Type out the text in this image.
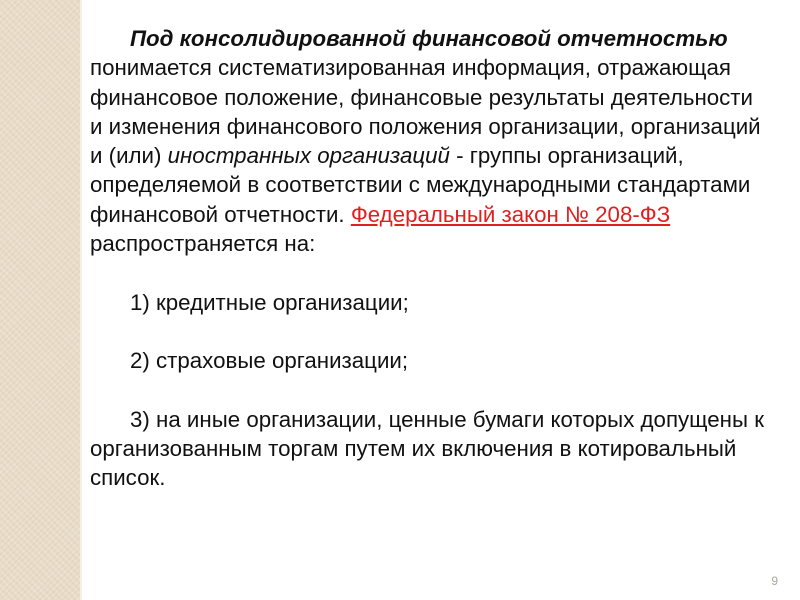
Под консолидированной финансовой отчетностью понимается систематизированная информация, отражающая финансовое положение, финансовые результаты деятельности и изменения финансового положения организации, организаций и (или) иностранных организаций - группы организаций, определяемой в соответствии с международными стандартами финансовой отчетности. Федеральный закон № 208-ФЗ распространяется на:

1) кредитные организации;

2) страховые организации;

3) на иные организации, ценные бумаги которых допущены к организованным торгам путем их включения в котировальный список.

9
